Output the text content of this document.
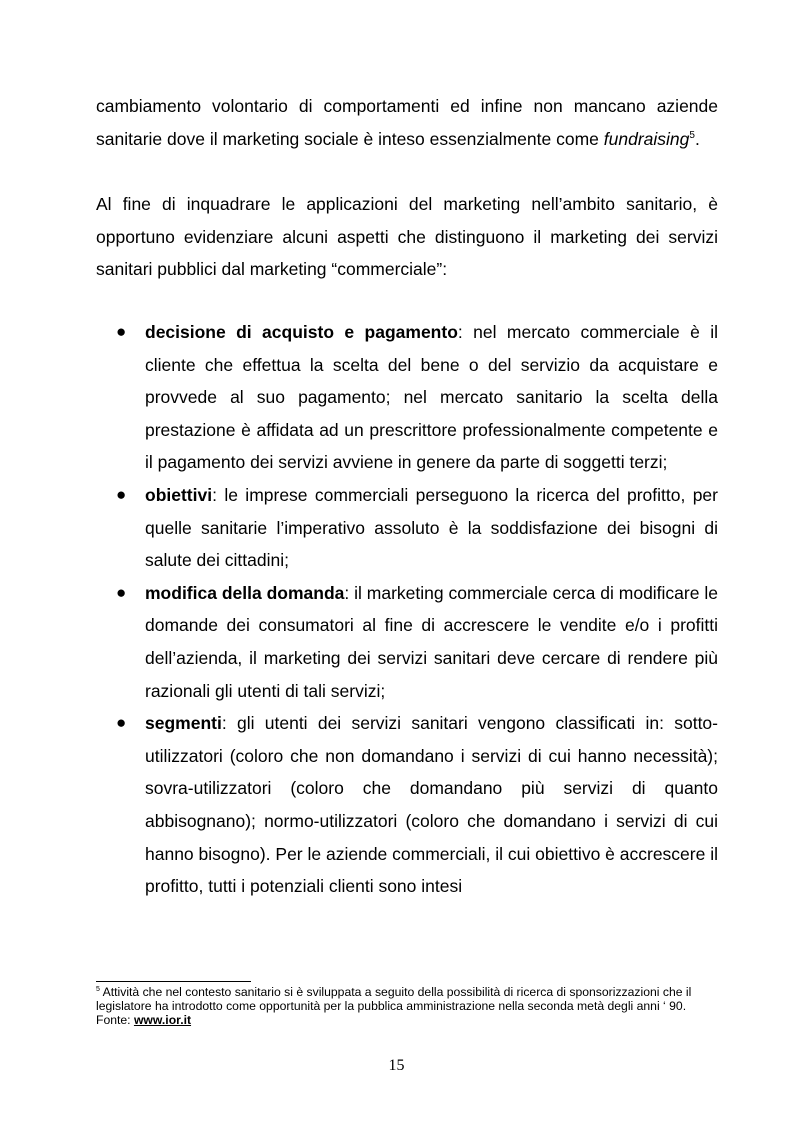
cambiamento volontario di comportamenti ed infine non mancano aziende sanitarie dove il marketing sociale è inteso essenzialmente come fundraising$^5$.

Al fine di inquadrare le applicazioni del marketing nell’ambito sanitario, è opportuno evidenziare alcuni aspetti che distinguono il marketing dei servizi sanitari pubblici dal marketing “commerciale”:

● decisione di acquisto e pagamento: nel mercato commerciale è il cliente che effettua la scelta del bene o del servizio da acquistare e provvede al suo pagamento; nel mercato sanitario la scelta della prestazione è affidata ad un prescrittore professionalmente competente e il pagamento dei servizi avviene in genere da parte di soggetti terzi;
● obiettivi: le imprese commerciali perseguono la ricerca del profitto, per quelle sanitarie l’imperativo assoluto è la soddisfazione dei bisogni di salute dei cittadini;
● modifica della domanda: il marketing commerciale cerca di modificare le domande dei consumatori al fine di accrescere le vendite e/o i profitti dell’azienda, il marketing dei servizi sanitari deve cercare di rendere più razionali gli utenti di tali servizi;
● segmenti: gli utenti dei servizi sanitari vengono classificati in: sotto-utilizzatori (coloro che non domandano i servizi di cui hanno necessità); sovra-utilizzatori (coloro che domandano più servizi di quanto abbisognano); normo-utilizzatori (coloro che domandano i servizi di cui hanno bisogno). Per le aziende commerciali, il cui obiettivo è accrescere il profitto, tutti i potenziali clienti sono intesi
$^5$ Attività che nel contesto sanitario si è sviluppata a seguito della possibilità di ricerca di sponsorizzazioni che il legislatore ha introdotto come opportunità per la pubblica amministrazione nella seconda metà degli anni ‘ 90.
Fonte: www.ior.it
15
